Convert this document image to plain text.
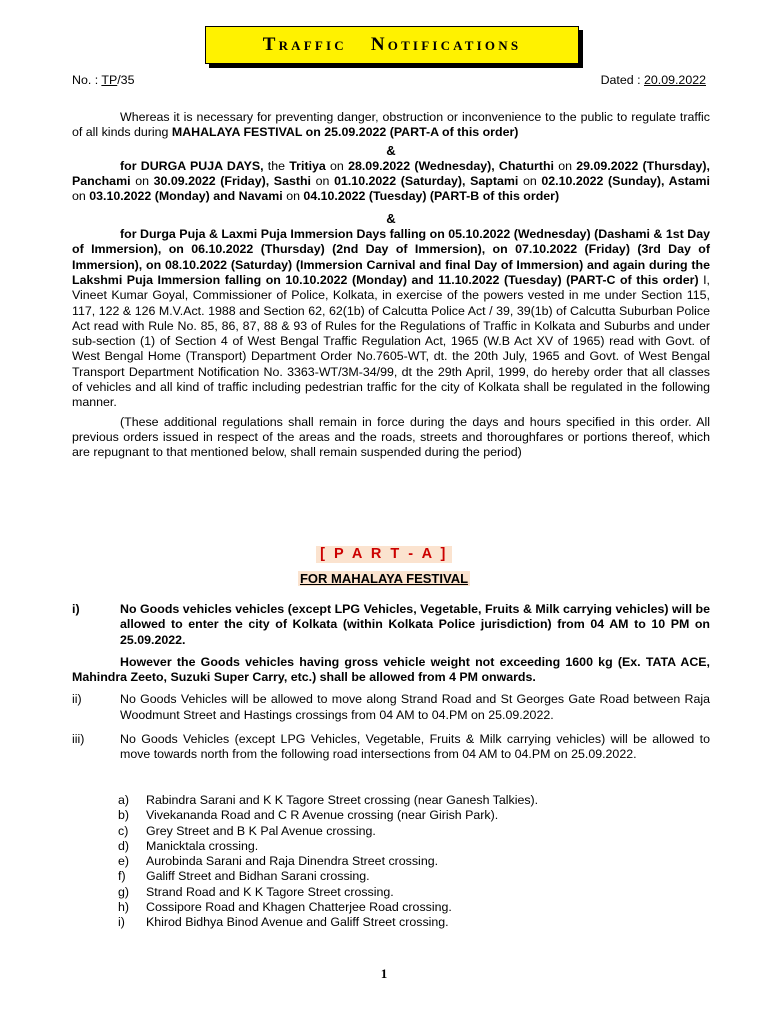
Traffic Notifications
No. : TP/35	Dated : 20.09.2022
Whereas it is necessary for preventing danger, obstruction or inconvenience to the public to regulate traffic of all kinds during MAHALAYA FESTIVAL on 25.09.2022 (PART-A of this order)
&
for DURGA PUJA DAYS, the Tritiya on 28.09.2022 (Wednesday), Chaturthi on 29.09.2022 (Thursday), Panchami on 30.09.2022 (Friday), Sasthi on 01.10.2022 (Saturday), Saptami on 02.10.2022 (Sunday), Astami on 03.10.2022 (Monday) and Navami on 04.10.2022 (Tuesday) (PART-B of this order)
&
for Durga Puja & Laxmi Puja Immersion Days falling on 05.10.2022 (Wednesday) (Dashami & 1st Day of Immersion), on 06.10.2022 (Thursday) (2nd Day of Immersion), on 07.10.2022 (Friday) (3rd Day of Immersion), on 08.10.2022 (Saturday) (Immersion Carnival and final Day of Immersion) and again during the Lakshmi Puja Immersion falling on 10.10.2022 (Monday) and 11.10.2022 (Tuesday) (PART-C of this order) I, Vineet Kumar Goyal, Commissioner of Police, Kolkata, in exercise of the powers vested in me under Section 115, 117, 122 & 126 M.V.Act. 1988 and Section 62, 62(1b) of Calcutta Police Act / 39, 39(1b) of Calcutta Suburban Police Act read with Rule No. 85, 86, 87, 88 & 93 of Rules for the Regulations of Traffic in Kolkata and Suburbs and under sub-section (1) of Section 4 of West Bengal Traffic Regulation Act, 1965 (W.B Act XV of 1965) read with Govt. of West Bengal Home (Transport) Department Order No.7605-WT, dt. the 20th July, 1965 and Govt. of West Bengal Transport Department Notification No. 3363-WT/3M-34/99, dt the 29th April, 1999, do hereby order that all classes of vehicles and all kind of traffic including pedestrian traffic for the city of Kolkata shall be regulated in the following manner.
(These additional regulations shall remain in force during the days and hours specified in this order. All previous orders issued in respect of the areas and the roads, streets and thoroughfares or portions thereof, which are repugnant to that mentioned below, shall remain suspended during the period)
[ P A R T - A ]
FOR MAHALAYA FESTIVAL
i)	No Goods vehicles vehicles (except LPG Vehicles, Vegetable, Fruits & Milk carrying vehicles) will be allowed to enter the city of Kolkata (within Kolkata Police jurisdiction) from 04 AM to 10 PM on 25.09.2022.
However the Goods vehicles having gross vehicle weight not exceeding 1600 kg (Ex. TATA ACE, Mahindra Zeeto, Suzuki Super Carry, etc.) shall be allowed from 4 PM onwards.
ii)	No Goods Vehicles will be allowed to move along Strand Road and St Georges Gate Road between Raja Woodmunt Street and Hastings crossings from 04 AM to 04.PM on 25.09.2022.
iii)	No Goods Vehicles (except LPG Vehicles, Vegetable, Fruits & Milk carrying vehicles) will be allowed to move towards north from the following road intersections from 04 AM to 04.PM on 25.09.2022.
a)	Rabindra Sarani and K K Tagore Street crossing (near Ganesh Talkies).
b)	Vivekananda Road and C R Avenue crossing (near Girish Park).
c)	Grey Street and B K Pal Avenue crossing.
d)	Manicktala crossing.
e)	Aurobinda Sarani and Raja Dinendra Street crossing.
f)	Galiff Street and Bidhan Sarani crossing.
g)	Strand Road and K K Tagore Street crossing.
h)	Cossipore Road and Khagen Chatterjee Road crossing.
i)	Khirod Bidhya Binod Avenue and Galiff Street crossing.
1
